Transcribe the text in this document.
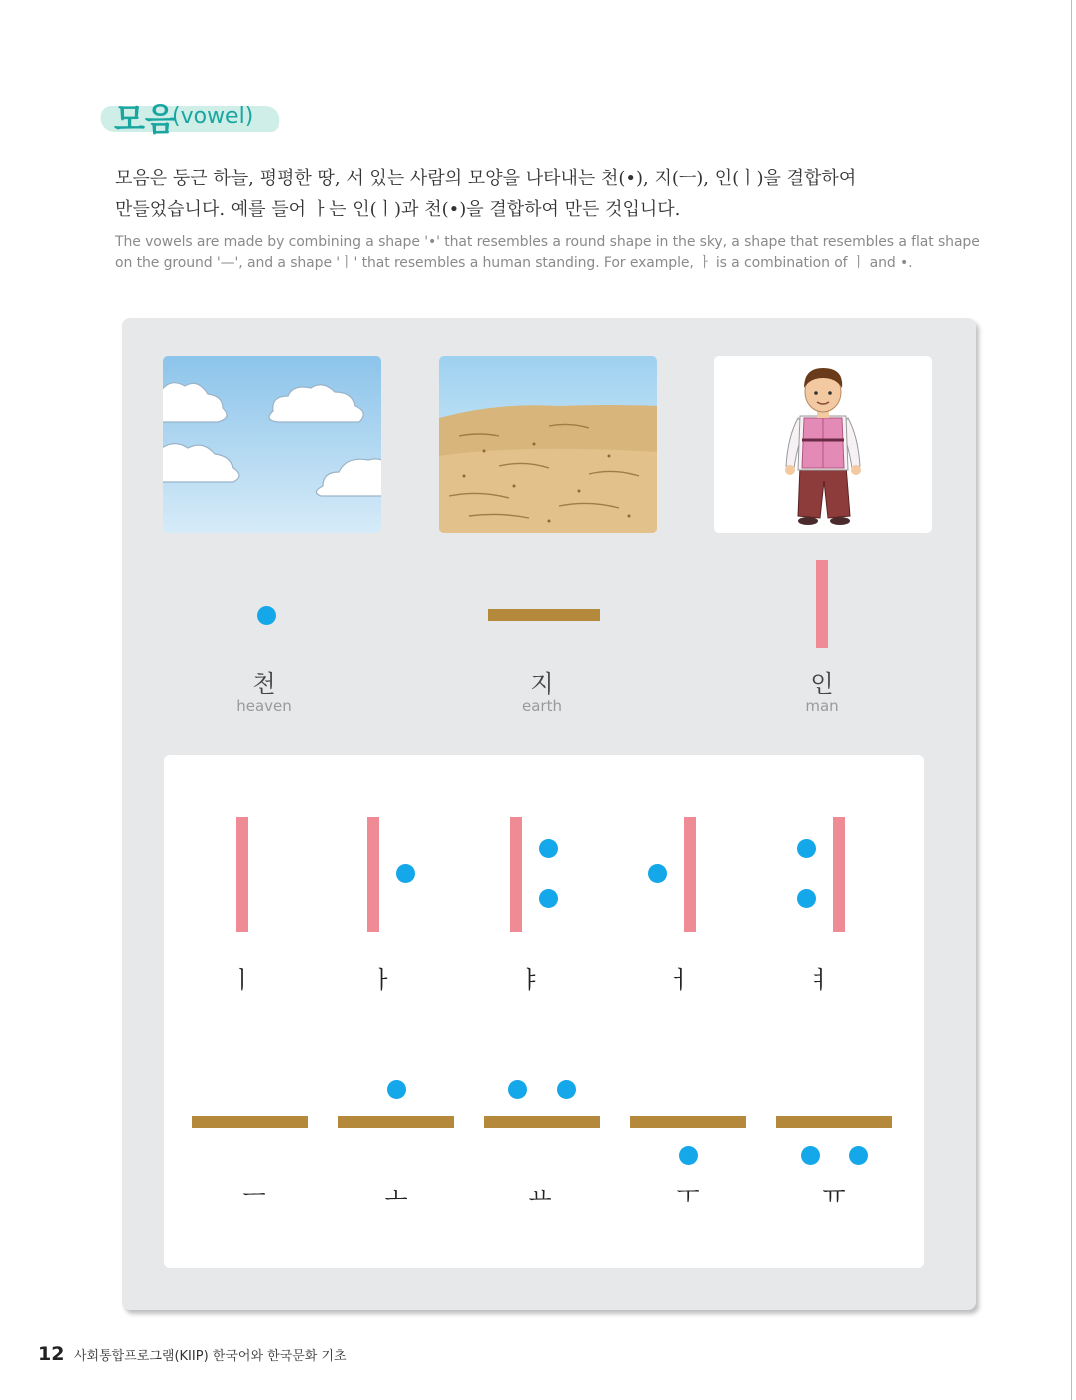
모음
(vowel)

모음은 둥근 하늘, 평평한 땅, 서 있는 사람의 모양을 나타내는 천(•), 지(ㅡ), 인(ㅣ)을 결합하여

만들었습니다. 예를 들어 ㅏ는 인(ㅣ)과 천(•)을 결합하여 만든 것입니다.

The vowels are made by combining a shape '•' that resembles a round shape in the sky, a shape that resembles a flat shape on the ground '—', and a shape 'ㅣ' that resembles a human standing. For example, ㅏ is a combination of ㅣ and •.
천
heaven
지
earth
인
man
ㅣ	ㅏ	ㅑ	ㅓ	ㅕ
ㅡ	ㅗ	ㅛ	ㅜ	ㅠ
12 사회통합프로그램(KIIP) 한국어와 한국문화 기초
